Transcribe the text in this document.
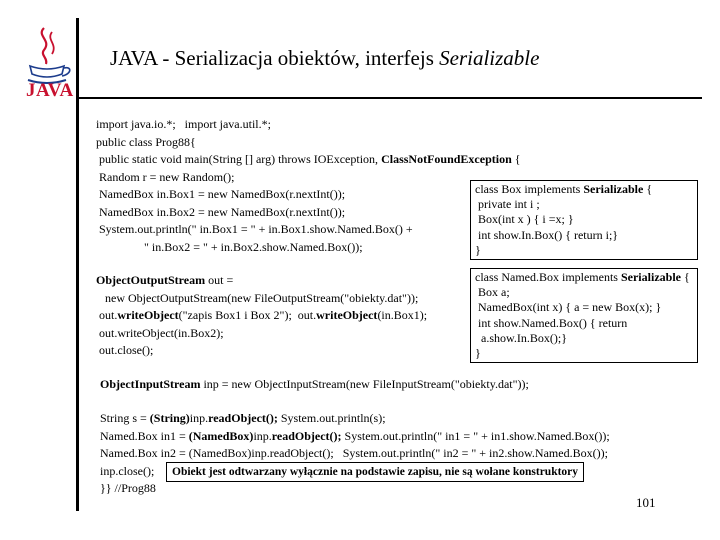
JAVA
JAVA - Serializacja obiektów, interfejs Serializable
import java.io.*;   import java.util.*;
public class Prog88{
public static void main(String [] arg) throws IOException, ClassNotFoundException {
Random r = new Random();
NamedBox in.Box1 = new NamedBox(r.nextInt());
NamedBox in.Box2 = new NamedBox(r.nextInt());
System.out.println(" in.Box1 = " + in.Box1.show.Named.Box() +
" in.Box2 = " + in.Box2.show.Named.Box());
ObjectOutputStream out =
new ObjectOutputStream(new FileOutputStream("obiekty.dat"));
out.writeObject("zapis Box1 i Box 2");  out.writeObject(in.Box1);
out.writeObject(in.Box2);
out.close();
ObjectInputStream inp = new ObjectInputStream(new FileInputStream("obiekty.dat"));
String s = (String)inp.readObject(); System.out.println(s);
Named.Box in1 = (NamedBox)inp.readObject(); System.out.println(" in1 = " + in1.show.Named.Box());
Named.Box in2 = (NamedBox)inp.readObject();   System.out.println(" in2 = " + in2.show.Named.Box());
inp.close();
}} //Prog88
class Box implements Serializable {
private int i ;
Box(int x ) { i =x; }
int show.In.Box() { return i;}
}
class Named.Box implements Serializable {
Box a;
NamedBox(int x) { a = new Box(x); }
int show.Named.Box() { return
a.show.In.Box();}
}
Obiekt jest odtwarzany wyłącznie na podstawie zapisu, nie są wołane konstruktory
101
